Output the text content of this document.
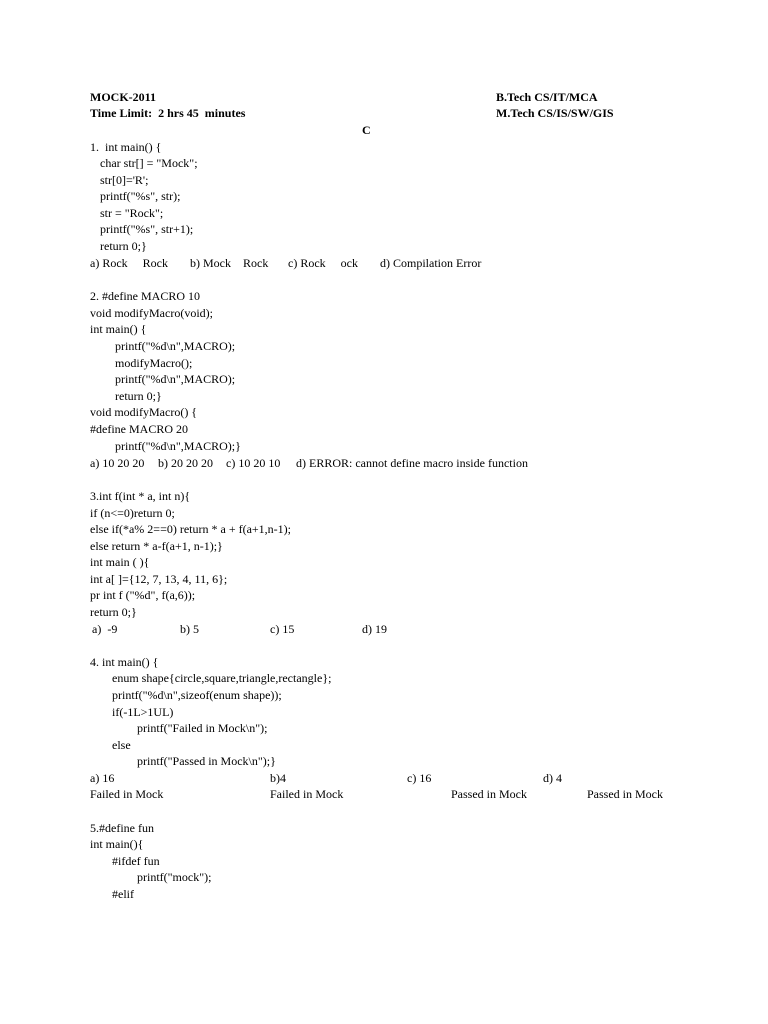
MOCK-2011	B.Tech CS/IT/MCA
Time Limit:  2 hrs 45  minutes	M.Tech CS/IS/SW/GIS
C
1.  int main() {
char str[] = "Mock";
str[0]='R';
printf("%s", str);
str = "Rock";
printf("%s", str+1);
return 0;}
a) Rock     Rock b) Mock    Rock c) Rock     ock d) Compilation Error
2. #define MACRO 10
void modifyMacro(void);
int main() {
printf("%d\n",MACRO);
modifyMacro();
printf("%d\n",MACRO);
return 0;}
void modifyMacro() {
#define MACRO 20
printf("%d\n",MACRO);}
a) 10 20 20 b) 20 20 20 c) 10 20 10 d) ERROR: cannot define macro inside function
3.int f(int * a, int n){
if (n<=0)return 0;
else if(*a% 2==0) return * a + f(a+1,n-1);
else return * a-f(a+1, n-1);}
int main ( ){
int a[ ]={12, 7, 13, 4, 11, 6};
pr int f ("%d", f(a,6));
return 0;}
a)  -9	b) 5	c) 15	d) 19
4. int main() {
enum shape{circle,square,triangle,rectangle};
printf("%d\n",sizeof(enum shape));
if(-1L>1UL)
printf("Failed in Mock\n");
else
printf("Passed in Mock\n");}
a) 16	b)4	c) 16	d) 4
Failed in Mock	Failed in Mock	Passed in Mock	Passed in Mock
5.#define fun
int main(){
#ifdef fun
printf("mock");
#elif
